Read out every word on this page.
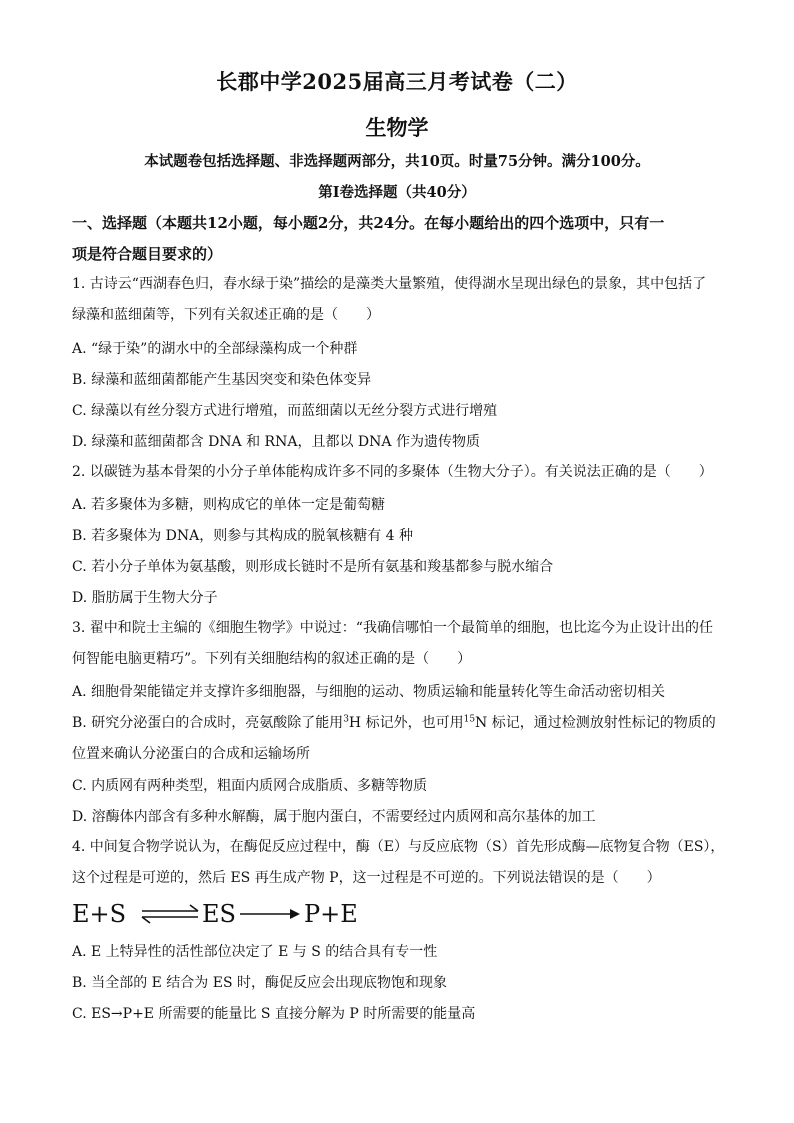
长郡中学2025届高三月考试卷（二）
生物学
本试题卷包括选择题、非选择题两部分，共10页。时量75分钟。满分100分。
第Ⅰ卷选择题（共40分）
一、选择题（本题共12小题，每小题2分，共24分。在每小题给出的四个选项中，只有一
项是符合题目要求的）
1. 古诗云“西湖春色归，春水绿于染”描绘的是藻类大量繁殖，使得湖水呈现出绿色的景象，其中包括了
绿藻和蓝细菌等，下列有关叙述正确的是（　　）
A. “绿于染”的湖水中的全部绿藻构成一个种群
B. 绿藻和蓝细菌都能产生基因突变和染色体变异
C. 绿藻以有丝分裂方式进行增殖，而蓝细菌以无丝分裂方式进行增殖
D. 绿藻和蓝细菌都含 DNA 和 RNA，且都以 DNA 作为遗传物质
2. 以碳链为基本骨架的小分子单体能构成许多不同的多聚体（生物大分子）。有关说法正确的是（　　）
A. 若多聚体为多糖，则构成它的单体一定是葡萄糖
B. 若多聚体为 DNA，则参与其构成的脱氧核糖有 4 种
C. 若小分子单体为氨基酸，则形成长链时不是所有氨基和羧基都参与脱水缩合
D. 脂肪属于生物大分子
3. 翟中和院士主编的《细胞生物学》中说过：“我确信哪怕一个最简单的细胞，也比迄今为止设计出的任
何智能电脑更精巧”。下列有关细胞结构的叙述正确的是（　　）
A. 细胞骨架能锚定并支撑许多细胞器，与细胞的运动、物质运输和能量转化等生命活动密切相关
B. 研究分泌蛋白的合成时，亮氨酸除了能用$^3$H 标记外，也可用$^{15}$N 标记，通过检测放射性标记的物质的
位置来确认分泌蛋白的合成和运输场所
C. 内质网有两种类型，粗面内质网合成脂质、多糖等物质
D. 溶酶体内部含有多种水解酶，属于胞内蛋白，不需要经过内质网和高尔基体的加工
4. 中间复合物学说认为，在酶促反应过程中，酶（E）与反应底物（S）首先形成酶—底物复合物（ES），
这个过程是可逆的，然后 ES 再生成产物 P，这一过程是不可逆的。下列说法错误的是（　　）
E+S	ES	P+E
A. E 上特异性的活性部位决定了 E 与 S 的结合具有专一性
B. 当全部的 E 结合为 ES 时，酶促反应会出现底物饱和现象
C. ES→P+E 所需要的能量比 S 直接分解为 P 时所需要的能量高
